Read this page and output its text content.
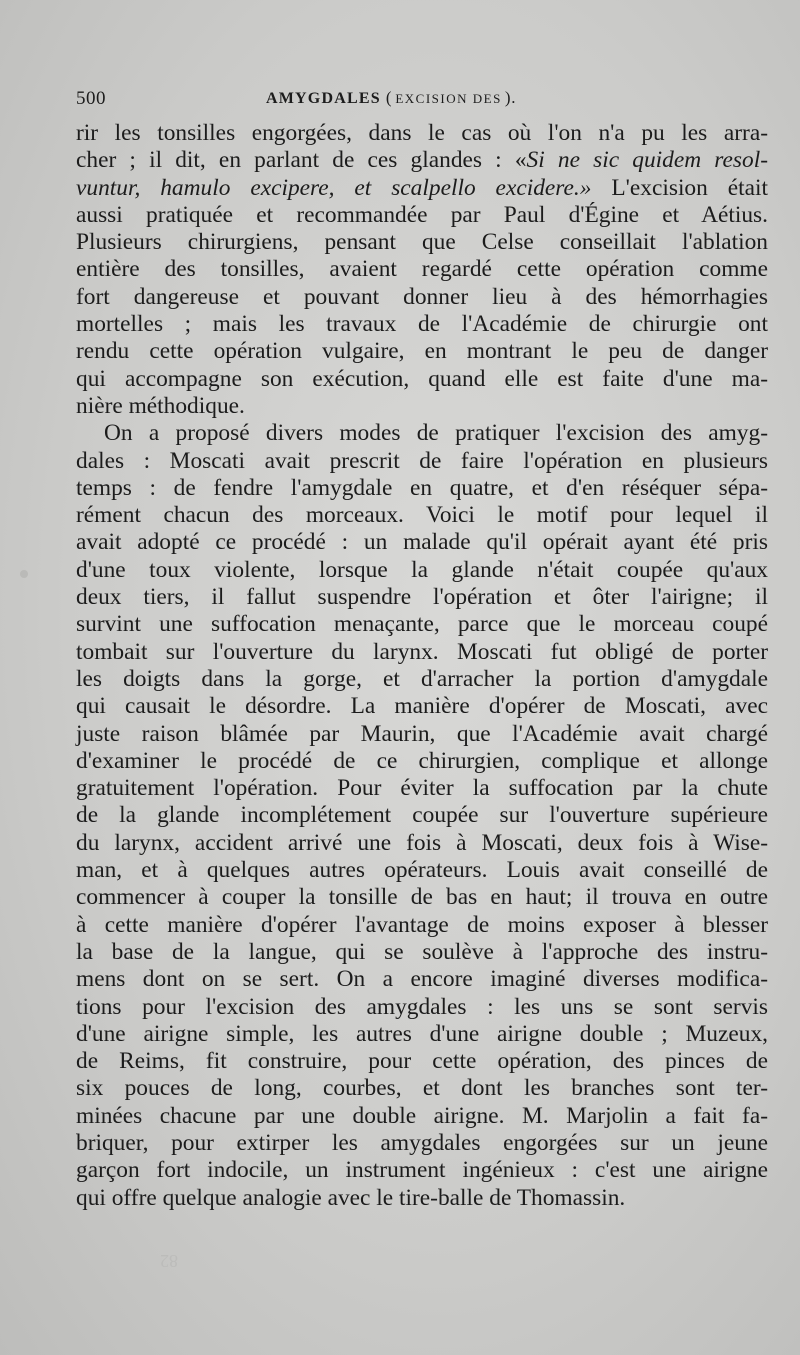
500	AMYGDALES ( EXCISION DES ).
rir les tonsilles engorgées, dans le cas où l'on n'a pu les arra-
cher ; il dit, en parlant de ces glandes : «Si ne sic quidem resol-
vuntur, hamulo excipere, et scalpello excidere.» L'excision était
aussi pratiquée et recommandée par Paul d'Égine et Aétius.
Plusieurs chirurgiens, pensant que Celse conseillait l'ablation
entière des tonsilles, avaient regardé cette opération comme
fort dangereuse et pouvant donner lieu à des hémorrhagies
mortelles ; mais les travaux de l'Académie de chirurgie ont
rendu cette opération vulgaire, en montrant le peu de danger
qui accompagne son exécution, quand elle est faite d'une ma-
nière méthodique.
On a proposé divers modes de pratiquer l'excision des amyg-
dales : Moscati avait prescrit de faire l'opération en plusieurs
temps : de fendre l'amygdale en quatre, et d'en réséquer sépa-
rément chacun des morceaux. Voici le motif pour lequel il
avait adopté ce procédé : un malade qu'il opérait ayant été pris
d'une toux violente, lorsque la glande n'était coupée qu'aux
deux tiers, il fallut suspendre l'opération et ôter l'airigne; il
survint une suffocation menaçante, parce que le morceau coupé
tombait sur l'ouverture du larynx. Moscati fut obligé de porter
les doigts dans la gorge, et d'arracher la portion d'amygdale
qui causait le désordre. La manière d'opérer de Moscati, avec
juste raison blâmée par Maurin, que l'Académie avait chargé
d'examiner le procédé de ce chirurgien, complique et allonge
gratuitement l'opération. Pour éviter la suffocation par la chute
de la glande incomplétement coupée sur l'ouverture supérieure
du larynx, accident arrivé une fois à Moscati, deux fois à Wise-
man, et à quelques autres opérateurs. Louis avait conseillé de
commencer à couper la tonsille de bas en haut; il trouva en outre
à cette manière d'opérer l'avantage de moins exposer à blesser
la base de la langue, qui se soulève à l'approche des instru-
mens dont on se sert. On a encore imaginé diverses modifica-
tions pour l'excision des amygdales : les uns se sont servis
d'une airigne simple, les autres d'une airigne double ; Muzeux,
de Reims, fit construire, pour cette opération, des pinces de
six pouces de long, courbes, et dont les branches sont ter-
minées chacune par une double airigne. M. Marjolin a fait fa-
briquer, pour extirper les amygdales engorgées sur un jeune
garçon fort indocile, un instrument ingénieux : c'est une airigne
qui offre quelque analogie avec le tire-balle de Thomassin.
82
